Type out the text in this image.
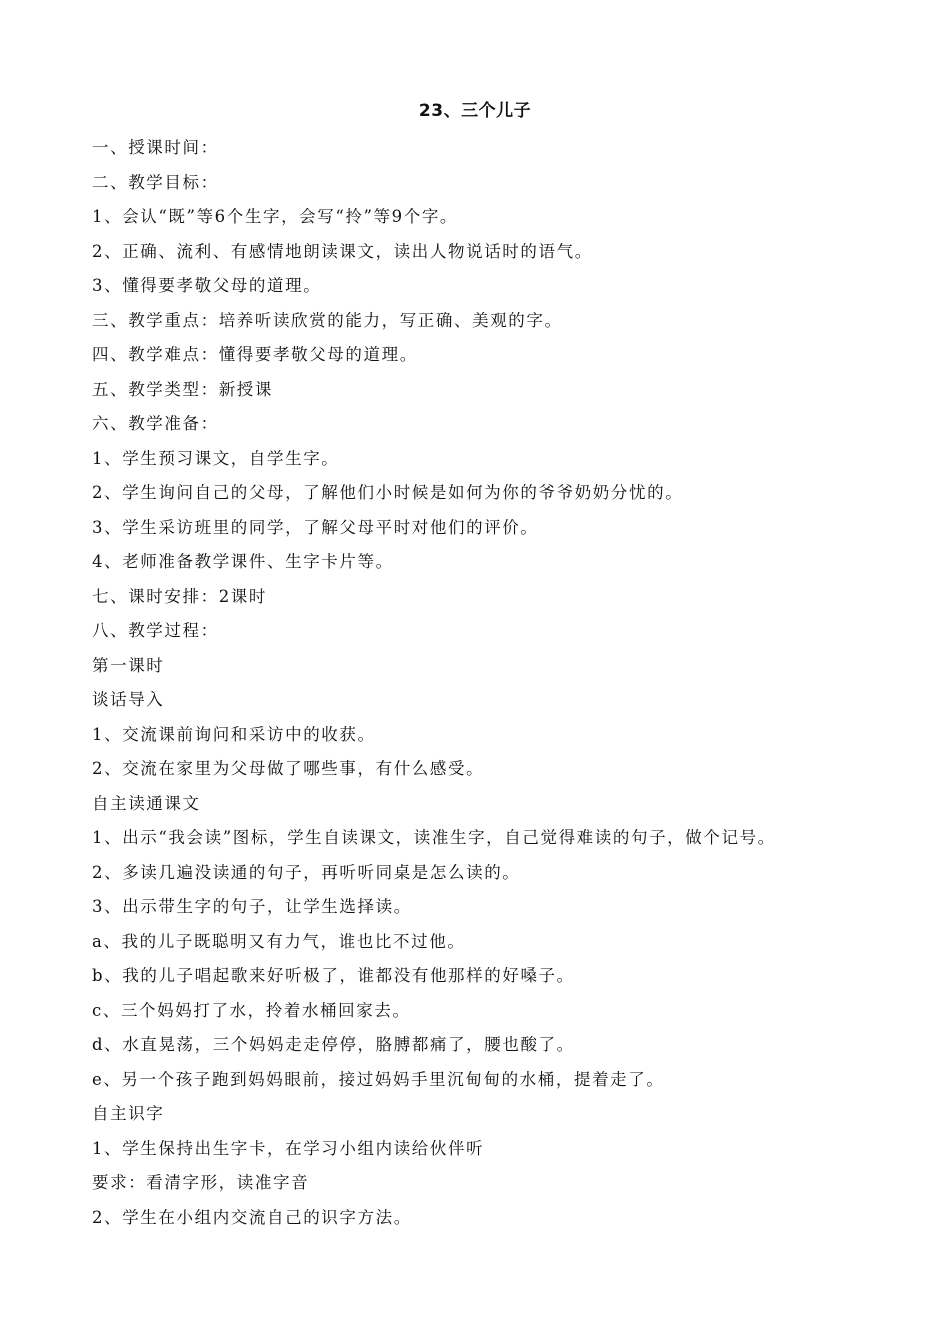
23、三个儿子
一、授课时间：
二、教学目标：
1、会认“既”等6个生字，会写“拎”等9个字。
2、正确、流利、有感情地朗读课文，读出人物说话时的语气。
3、懂得要孝敬父母的道理。
三、教学重点：培养听读欣赏的能力，写正确、美观的字。
四、教学难点：懂得要孝敬父母的道理。
五、教学类型：新授课
六、教学准备：
1、学生预习课文，自学生字。
2、学生询问自己的父母，了解他们小时候是如何为你的爷爷奶奶分忧的。
3、学生采访班里的同学，了解父母平时对他们的评价。
4、老师准备教学课件、生字卡片等。
七、课时安排：2课时
八、教学过程：
第一课时
谈话导入
1、交流课前询问和采访中的收获。
2、交流在家里为父母做了哪些事，有什么感受。
自主读通课文
1、出示“我会读”图标，学生自读课文，读准生字，自己觉得难读的句子，做个记号。
2、多读几遍没读通的句子，再听听同桌是怎么读的。
3、出示带生字的句子，让学生选择读。
a、我的儿子既聪明又有力气，谁也比不过他。
b、我的儿子唱起歌来好听极了，谁都没有他那样的好嗓子。
c、三个妈妈打了水，拎着水桶回家去。
d、水直晃荡，三个妈妈走走停停，胳膊都痛了，腰也酸了。
e、另一个孩子跑到妈妈眼前，接过妈妈手里沉甸甸的水桶，提着走了。
自主识字
1、学生保持出生字卡，在学习小组内读给伙伴听
要求：看清字形，读准字音
2、学生在小组内交流自己的识字方法。
